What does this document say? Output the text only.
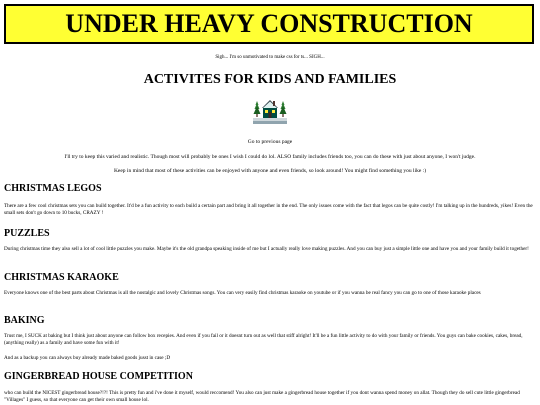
UNDER HEAVY CONSTRUCTION
Sigh... I'm so unmotivated to make css for ts... SIGH...
ACTIVITES FOR KIDS AND FAMILIES
Go to previous page
I'll try to keep this varied and realistic. Though most will probably be ones I wish I could do lol. ALSO family includes friends too, you can do these with just about anyone, I won't judge.
Keep in mind that most of these activities can be enjoyed with anyone and even friends, so look around! You might find something you like :)
CHRISTMAS LEGOS
There are a few cool christmas sets you can build together. It'd be a fun activity to each build a certain part and bring it all together in the end. The only issues come with the fact that legos can be quite costly! I'm talking up in the hundreds, yikes! Even the small sets don't go down to 10 bucks, CRAZY !
PUZZLES
During christmas time they also sell a lot of cool little puzzles you make. Maybe it's the old grandpa speaking inside of me but I actually really love making puzzles. And you can buy just a simple little one and have you and your family build it together!
CHRISTMAS KARAOKE
Everyone knows one of the best parts about Christmas is all the nostalgic and lovely Christmas songs. You can very easily find christmas karaoke on youtube or if you wanna be real fancy you can go to one of those karaoke places
BAKING
Trust me, I SUCK at baking but I think just about anyone can follow box recepies. And even if you fail or it doesnt turn out as well that stiff alright! It'll be a fun little activity to do with your family or friends. You guys can bake cookies, cakes, bread, (anything really) as a family and have some fun with it!
And as a backup you can always buy already made baked goods jusst in case ;D
GINGERBREAD HOUSE COMPETITION
who can build the NICEST gingerbread house?!?! This is pretty fun and i've done it myself, would reccomend! You also can just make a gingerbread house together if you dont wanna spend money on allat. Though they do sell cute little gingerbread "Villages" I guess, so that everyone can get their own small house lol.
